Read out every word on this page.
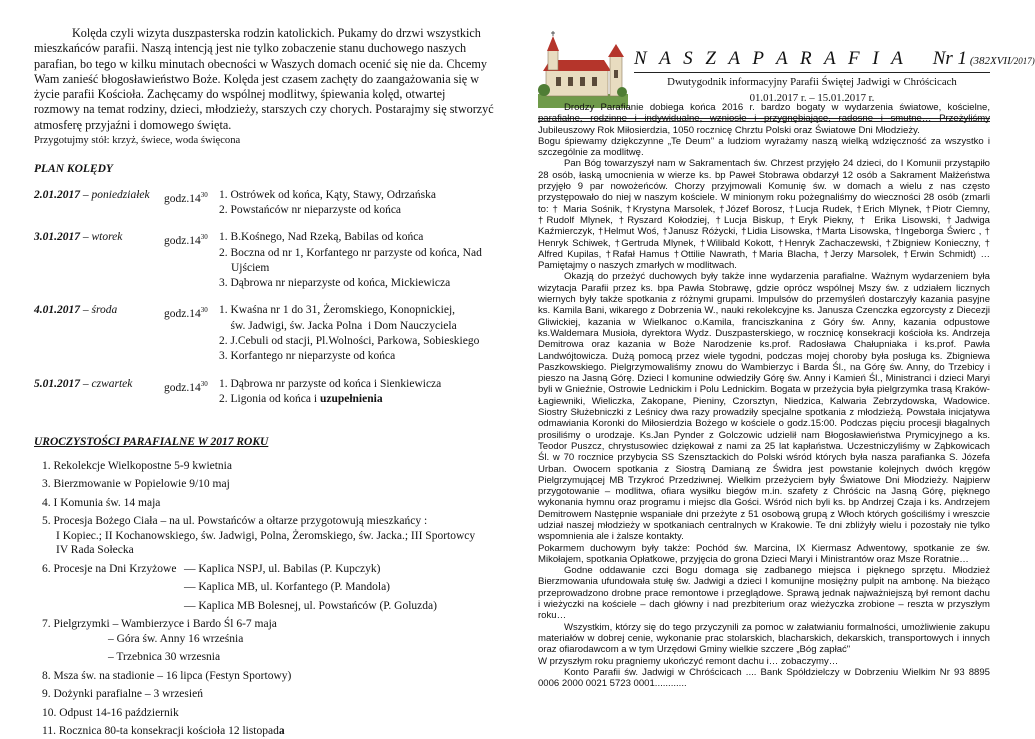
Kolęda czyli wizyta duszpasterska rodzin katolickich. Pukamy do drzwi wszystkich mieszkańców parafii. Naszą intencją jest nie tylko zobaczenie stanu duchowego naszych parafian, bo tego w kilku minutach obecności w Waszych domach ocenić się nie da. Chcemy Wam zanieść błogosławieństwo Boże. Kolęda jest czasem zachęty do zaangażowania się w życie parafii Kościoła. Zachęcamy do wspólnej modlitwy, śpiewania kolęd, otwartej rozmowy na temat rodziny, dzieci, młodzieży, starszych czy chorych. Postarajmy się stworzyć atmosferę przyjaźni i domowego święta.

Przygotujmy stół: krzyż, świece, woda święcona
PLAN KOLĘDY
2.01.2017 – poniedziałek	$godz.14^{30}$ 1. Ostrówek od końca, Kąty, Stawy, Odrzańska
2. Powstańców nr nieparzyste od końca
3.01.2017 – wtorek	$godz.14^{30}$ 1. B.Kośnego, Nad Rzeką, Babilas od końca
2. Boczna od nr 1, Korfantego nr parzyste od końca, Nad Ujściem
3. Dąbrowa nr nieparzyste od końca, Mickiewicza
4.01.2017 – środa	$godz.14^{30}$ 1. Kwaśna nr 1 do 31, Żeromskiego, Konopnickiej,
św. Jadwigi, św. Jacka Polna  i Dom Nauczyciela
2. J.Cebuli od stacji, Pl.Wolności, Parkowa, Sobieskiego
3. Korfantego nr nieparzyste od końca
5.01.2017 – czwartek	$godz.14^{30}$ 1. Dąbrowa nr parzyste od końca i Sienkiewicza
2. Ligonia od końca i uzupełnienia
UROCZYSTOŚCI PARAFIALNE W 2017 ROKU
1. Rekolekcje Wielkopostne 5-9 kwietnia
3. Bierzmowanie w Popielowie 9/10 maj
4. I Komunia św. 14 maja
5. Procesja Bożego Ciała – na ul. Powstańców a ołtarze przygotowują mieszkańcy :
I Kopiec.; II Kochanowskiego, św. Jadwigi, Polna, Żeromskiego, św. Jacka.; III Sportowcy
IV Rada Sołecka
6. Procesje na Dni Krzyżowe — Kaplica NSPJ, ul. Babilas (P. Kupczyk)
— Kaplica MB, ul. Korfantego (P. Mandola)
— Kaplica MB Bolesnej, ul. Powstańców (P. Goluzda)
7. Pielgrzymki – Wambierzyce i Bardo Śl 6-7 maja
– Góra św. Anny 16 września
– Trzebnica 30 wrzesnia
8. Msza św. na stadionie – 16 lipca (Festyn Sportowy)
9. Dożynki parafialne – 3 wrzesień
10. Odpust 14-16 październik
11. Rocznica 80-ta konsekracji kościoła 12 listopada
N A S Z A P A R A F I A Nr 1 (382XVII/2017)
Dwutygodnik informacyjny Parafii Świętej Jadwigi w Chróścicach
01.01.2017 r. – 15.01.2017 r.

Drodzy Parafianie dobiega końca 2016 r. bardzo bogaty w wydarzenia światowe, kościelne, parafialne, rodzinne i indywidualne, wzniosłe i przygnębiające, radosne i smutne… Przeżyliśmy Jubileuszowy Rok Miłosierdzia, 1050 rocznicę Chrztu Polski oraz Światowe Dni Młodzieży.

Bogu śpiewamy dziękczynne „Te Deum" a ludziom wyrażamy naszą wielką wdzięczność za wszystko i szczególnie za modlitwę.

Pan Bóg towarzyszył nam w Sakramentach św. Chrzest przyjęło 24 dzieci, do I Komunii przystąpiło 28 osób, łaską umocnienia w wierze ks. bp Paweł Stobrawa obdarzył 12 osób a Sakrament Małżeństwa przyjęło 9 par nowożeńców. Chorzy przyjmowali Komunię św. w domach a wielu z nas często przystępowało do niej w naszym kościele. W minionym roku pożegnaliśmy do wieczności 28 osób (zmarli to: † Maria Sośnik, †Krystyna Marsolek, †Józef Borosz, †Lucja Rudek, †Erich Mlynek, †Piotr Ciemny, †Rudolf Mlynek, †Ryszard Kołodziej, †Lucja Biskup, †Eryk Piekny, † Erika Lisowski, †Jadwiga Kaźmierczyk, †Helmut Woś, †Janusz Różycki, †Lidia Lisowska, †Marta Lisowska, †Ingeborga Świerc , † Henryk Schiwek, †Gertruda Mlynek, †Wilibald Kokott, †Henryk Zachaczewski, †Zbigniew Konieczny, † Alfred Kupilas, †Rafał Hamus †Ottilie Nawrath, †Maria Blacha, †Jerzy Marsolek, †Erwin Schmidt) … Pamiętajmy o naszych zmarłych w modlitwach.

Okazją do przeżyć duchowych były także inne wydarzenia parafialne. Ważnym wydarzeniem była wizytacja Parafii przez ks. bpa Pawła Stobrawę, gdzie oprócz wspólnej Mszy św. z udziałem licznych wiernych były także spotkania z różnymi grupami. Impulsów do przemyśleń dostarczyły kazania pasyjne ks. Kamila Bani, wikarego z Dobrzenia W., nauki rekolekcyjne ks. Janusza Czenczka egzorcysty z Diecezji Gliwickiej, kazania w Wielkanoc o.Kamila, franciszkanina z Góry św. Anny, kazania odpustowe ks.Waldemara Musioła, dyrektora Wydz. Duszpasterskiego, w rocznicę konsekracji kościoła ks. Andrzeja Demitrowa oraz kazania w Boże Narodzenie ks.prof. Radosława Chałupniaka i ks.prof. Pawła Landwójtowicza. Dużą pomocą przez wiele tygodni, podczas mojej choroby była posługa ks. Zbigniewa Paszkowskiego. Pielgrzymowaliśmy znowu do Wambierzyc i Bardа Śl., na Górę św. Anny, do Trzebicy i pieszo na Jasną Górę. Dzieci I komunine odwiedziły Górę św. Anny i Kamień Śl., Ministranci i dzieci Maryi byli w Gnieźnie, Ostrowie Lednickim i Polu Lednickim. Bogata w przeżycia była pielgrzymka trasą Kraków-Łagiewniki, Wieliczka, Zakopane, Pieniny, Czorsztyn, Niedzica, Kalwaria Zebrzydowska, Wadowice. Siostry Służebniczki z Leśnicy dwa razy prowadziły specjalne spotkania z młodzieżą. Powstała inicjatywa odmawiania Koronki do Miłosierdzia Bożego w kościele o godz.15:00. Podczas pięciu procesji błagalnych prosiliśmy o urodzaje. Ks.Jan Pynder z Golczowic udzielił nam Błogosławieństwa Prymicyjnego a ks. Teodor Puszcz, chrystusowiec dziękował z nami za 25 lat kapłaństwa. Uczestniczyliśmy w Ząbkowicach Śl. w 70 rocznice przybycia SS Szensztackich do Polski wśród których była nasza parafianka S. Józefa Urban. Owocem spotkania z Siostrą Damianą ze Świdra jest powstanie kolejnych dwóch kręgów Pielgrzymującej MB Trzykroć Przedziwnej. Wielkim przeżyciem były Światowe Dni Młodzieży. Najpierw przygotowanie – modlitwa, ofiara wysiłku biegów m.in. szafety z Chróścic na Jasną Górę, pięknego wykonania hymnu oraz programu i miejsc dla Gości. Wśród nich byli ks. bp Andrzej Czaja i ks. Andrzejem Demitrowem Następnie wspaniałe dni przeżyte z 51 osobową grupą z Włoch których gościliśmy i wreszcie udział naszej młodzieży w spotkaniach centralnych w Krakowie. Te dni zbliżyły wielu i pozostały nie tylko wspomnienia ale i żalsze kontakty.

Pokarmem duchowym były także: Pochód św. Marcina, IX Kiermasz Adwentowy, spotkanie ze św. Mikołajem, spotkania Opłatkowe, przyjęcia do grona Dzieci Maryi i Ministrantów oraz Msze Roratnie…

Godne oddawanie czci Bogu domaga się zadbanego miejsca i pięknego sprzętu. Młodzież Bierzmowania ufundowała stułę św. Jadwigi a dzieci I komunijne mosiężny pulpit na ambonę. Na bieżąco przeprowadzono drobne prace remontowe i przeglądowe. Sprawą jednak najważniejszą był remont dachu i wieżyczki na kościele – dach główny i nad prezbiterium oraz wieżyczka zrobione – reszta w przyszłym roku…

Wszystkim, którzy się do tego przyczynili za pomoc w załatwianiu formalności, umożliwienie zakupu materiałów w dobrej cenie, wykonanie prac stolarskich, blacharskich, dekarskich, transportowych i innych oraz ofiarodawcom a w tym Urzędowi Gminy wielkie szczere „Bóg zapłać"

W przyszłym roku pragniemy ukończyć remont dachu i… zobaczymy…

Konto Parafii św. Jadwigi w Chróścicach .... Bank Spółdzielczy w Dobrzeniu Wielkim Nr 93 8895 0006 2000 0021 5723 0001............
